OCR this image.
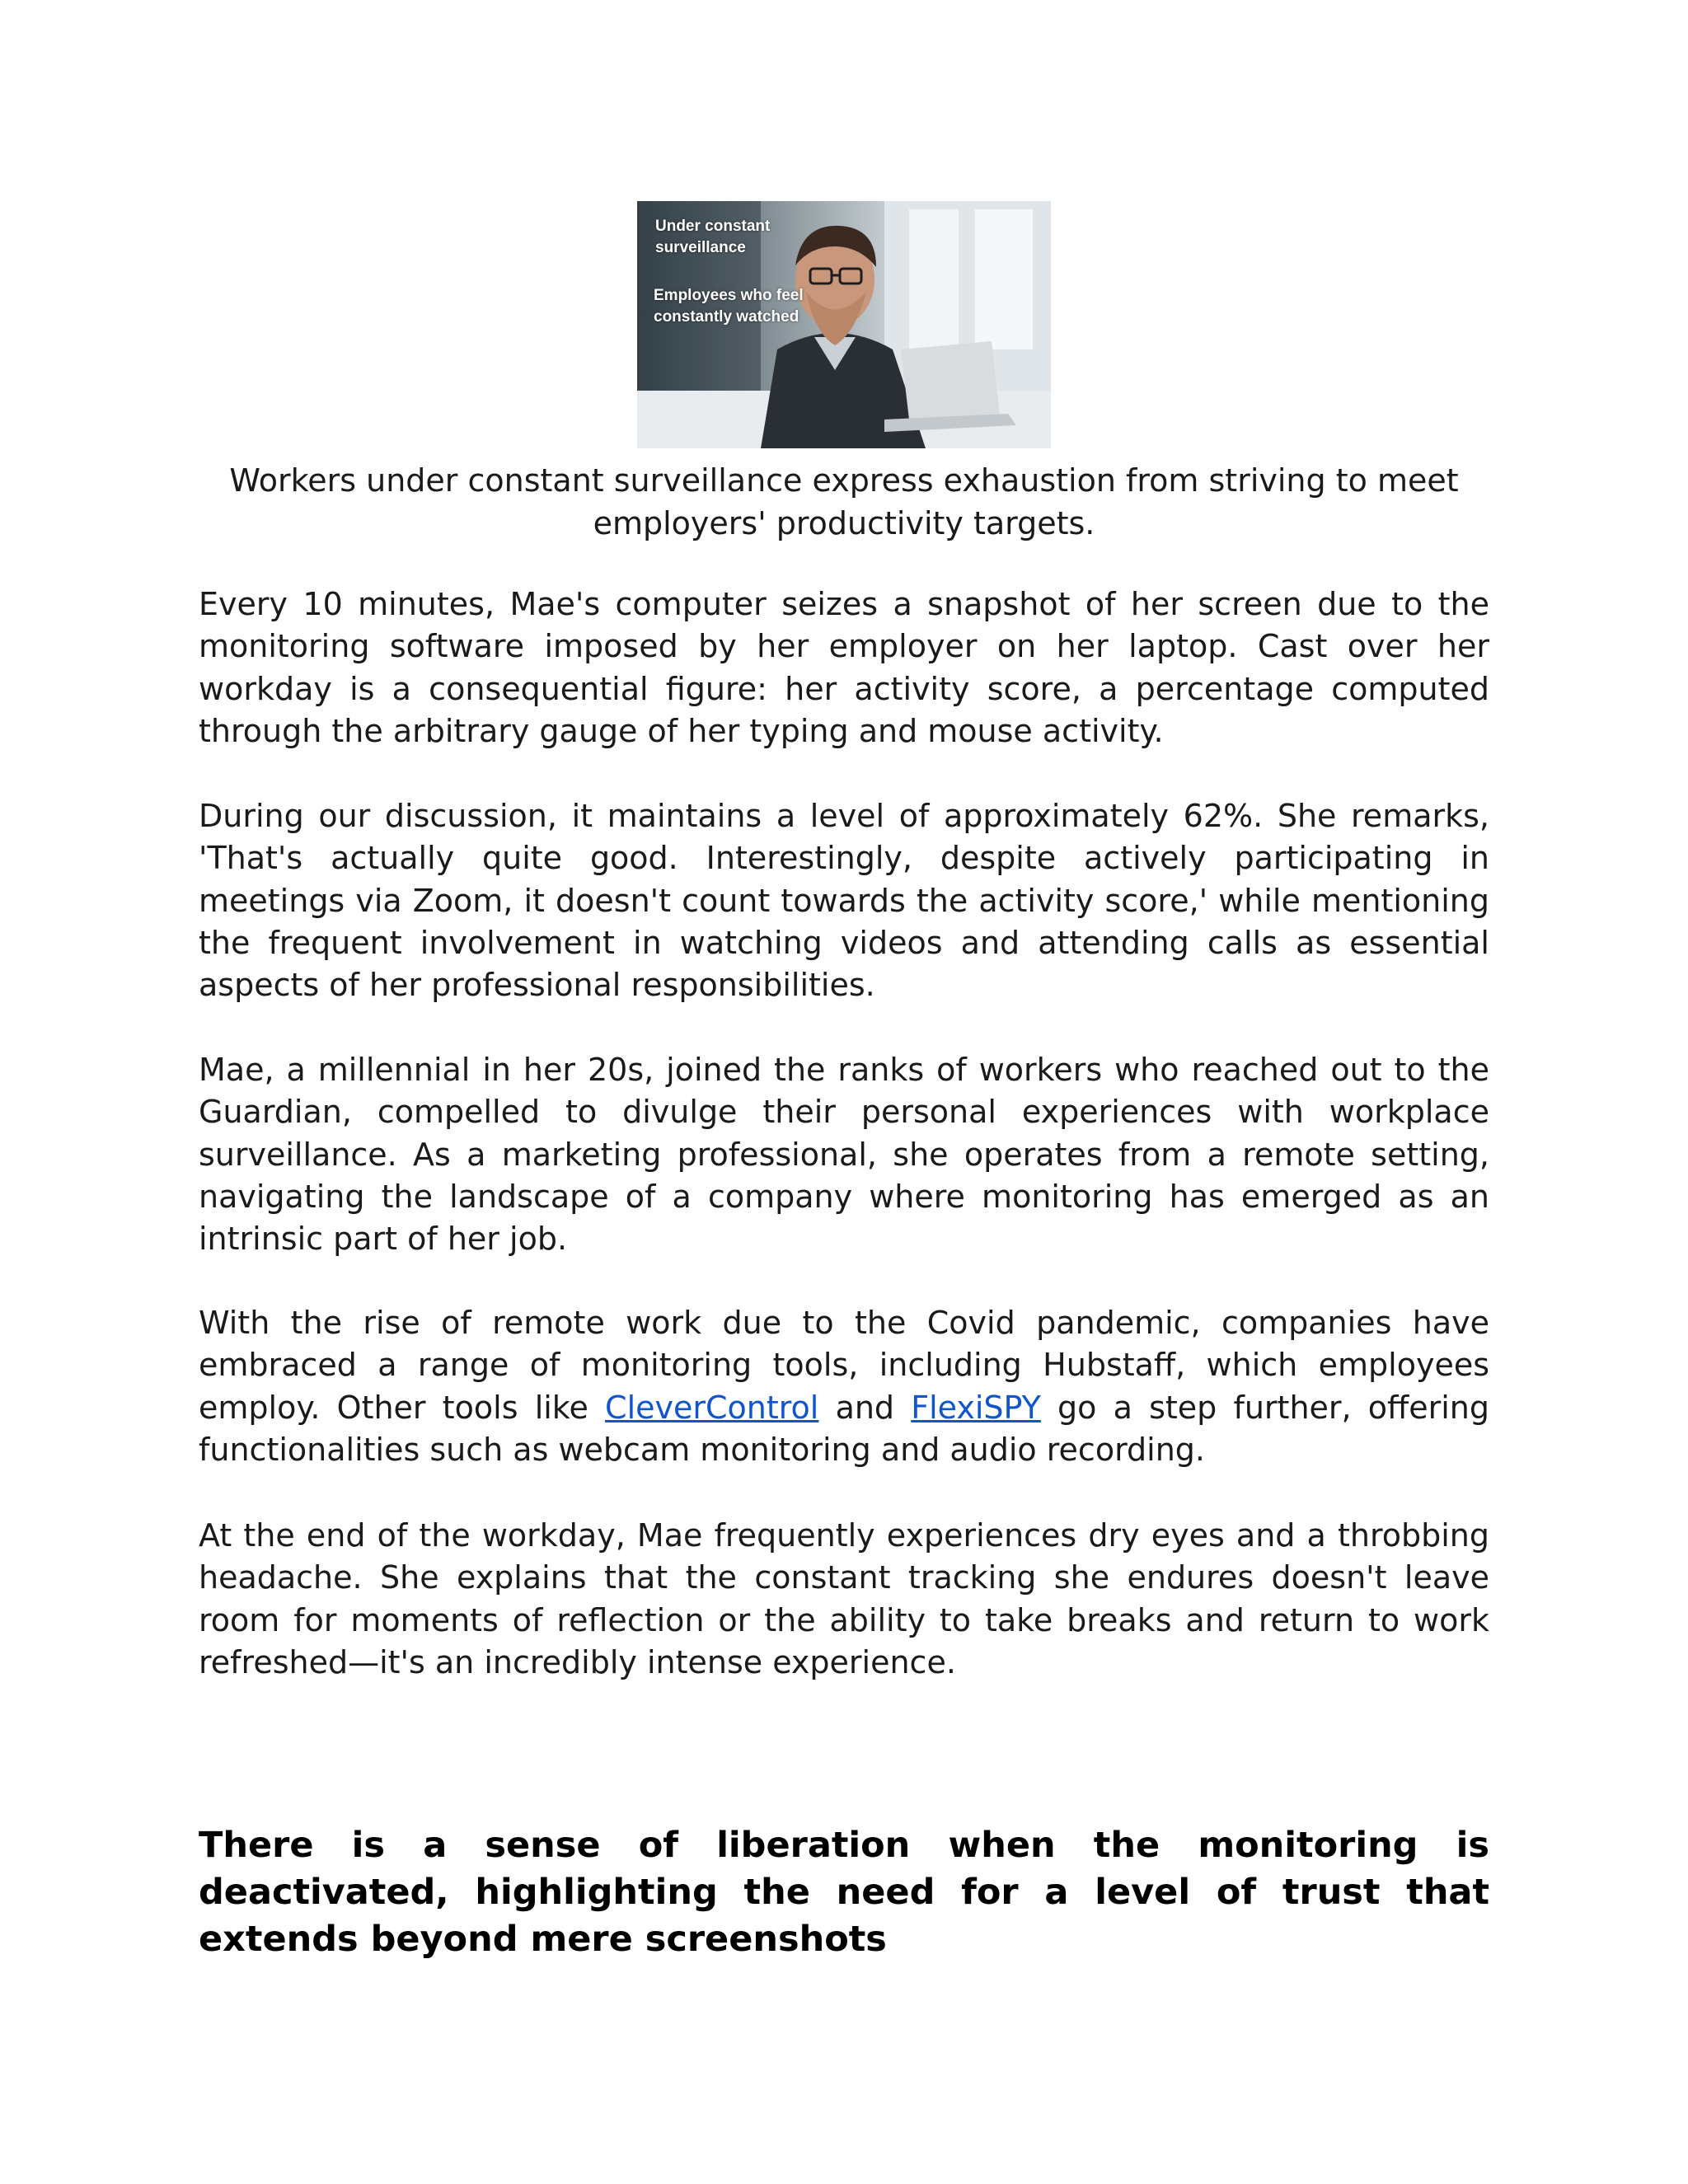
Under constant surveillance
Employees who feel constantly watched
fxnews36@gmail.com
Workers under constant surveillance express exhaustion from striving to meet employers' productivity targets.

Every 10 minutes, Mae's computer seizes a snapshot of her screen due to the monitoring software imposed by her employer on her laptop. Cast over her workday is a consequential figure: her activity score, a percentage computed through the arbitrary gauge of her typing and mouse activity.

During our discussion, it maintains a level of approximately 62%. She remarks, 'That's actually quite good. Interestingly, despite actively participating in meetings via Zoom, it doesn't count towards the activity score,' while mentioning the frequent involvement in watching videos and attending calls as essential aspects of her professional responsibilities.

Mae, a millennial in her 20s, joined the ranks of workers who reached out to the Guardian, compelled to divulge their personal experiences with workplace surveillance. As a marketing professional, she operates from a remote setting, navigating the landscape of a company where monitoring has emerged as an intrinsic part of her job.

With the rise of remote work due to the Covid pandemic, companies have embraced a range of monitoring tools, including Hubstaff, which employees employ. Other tools like CleverControl and FlexiSPY go a step further, offering functionalities such as webcam monitoring and audio recording.

At the end of the workday, Mae frequently experiences dry eyes and a throbbing headache. She explains that the constant tracking she endures doesn't leave room for moments of reflection or the ability to take breaks and return to work refreshed—it's an incredibly intense experience.

There is a sense of liberation when the monitoring is deactivated, highlighting the need for a level of trust that extends beyond mere screenshots
